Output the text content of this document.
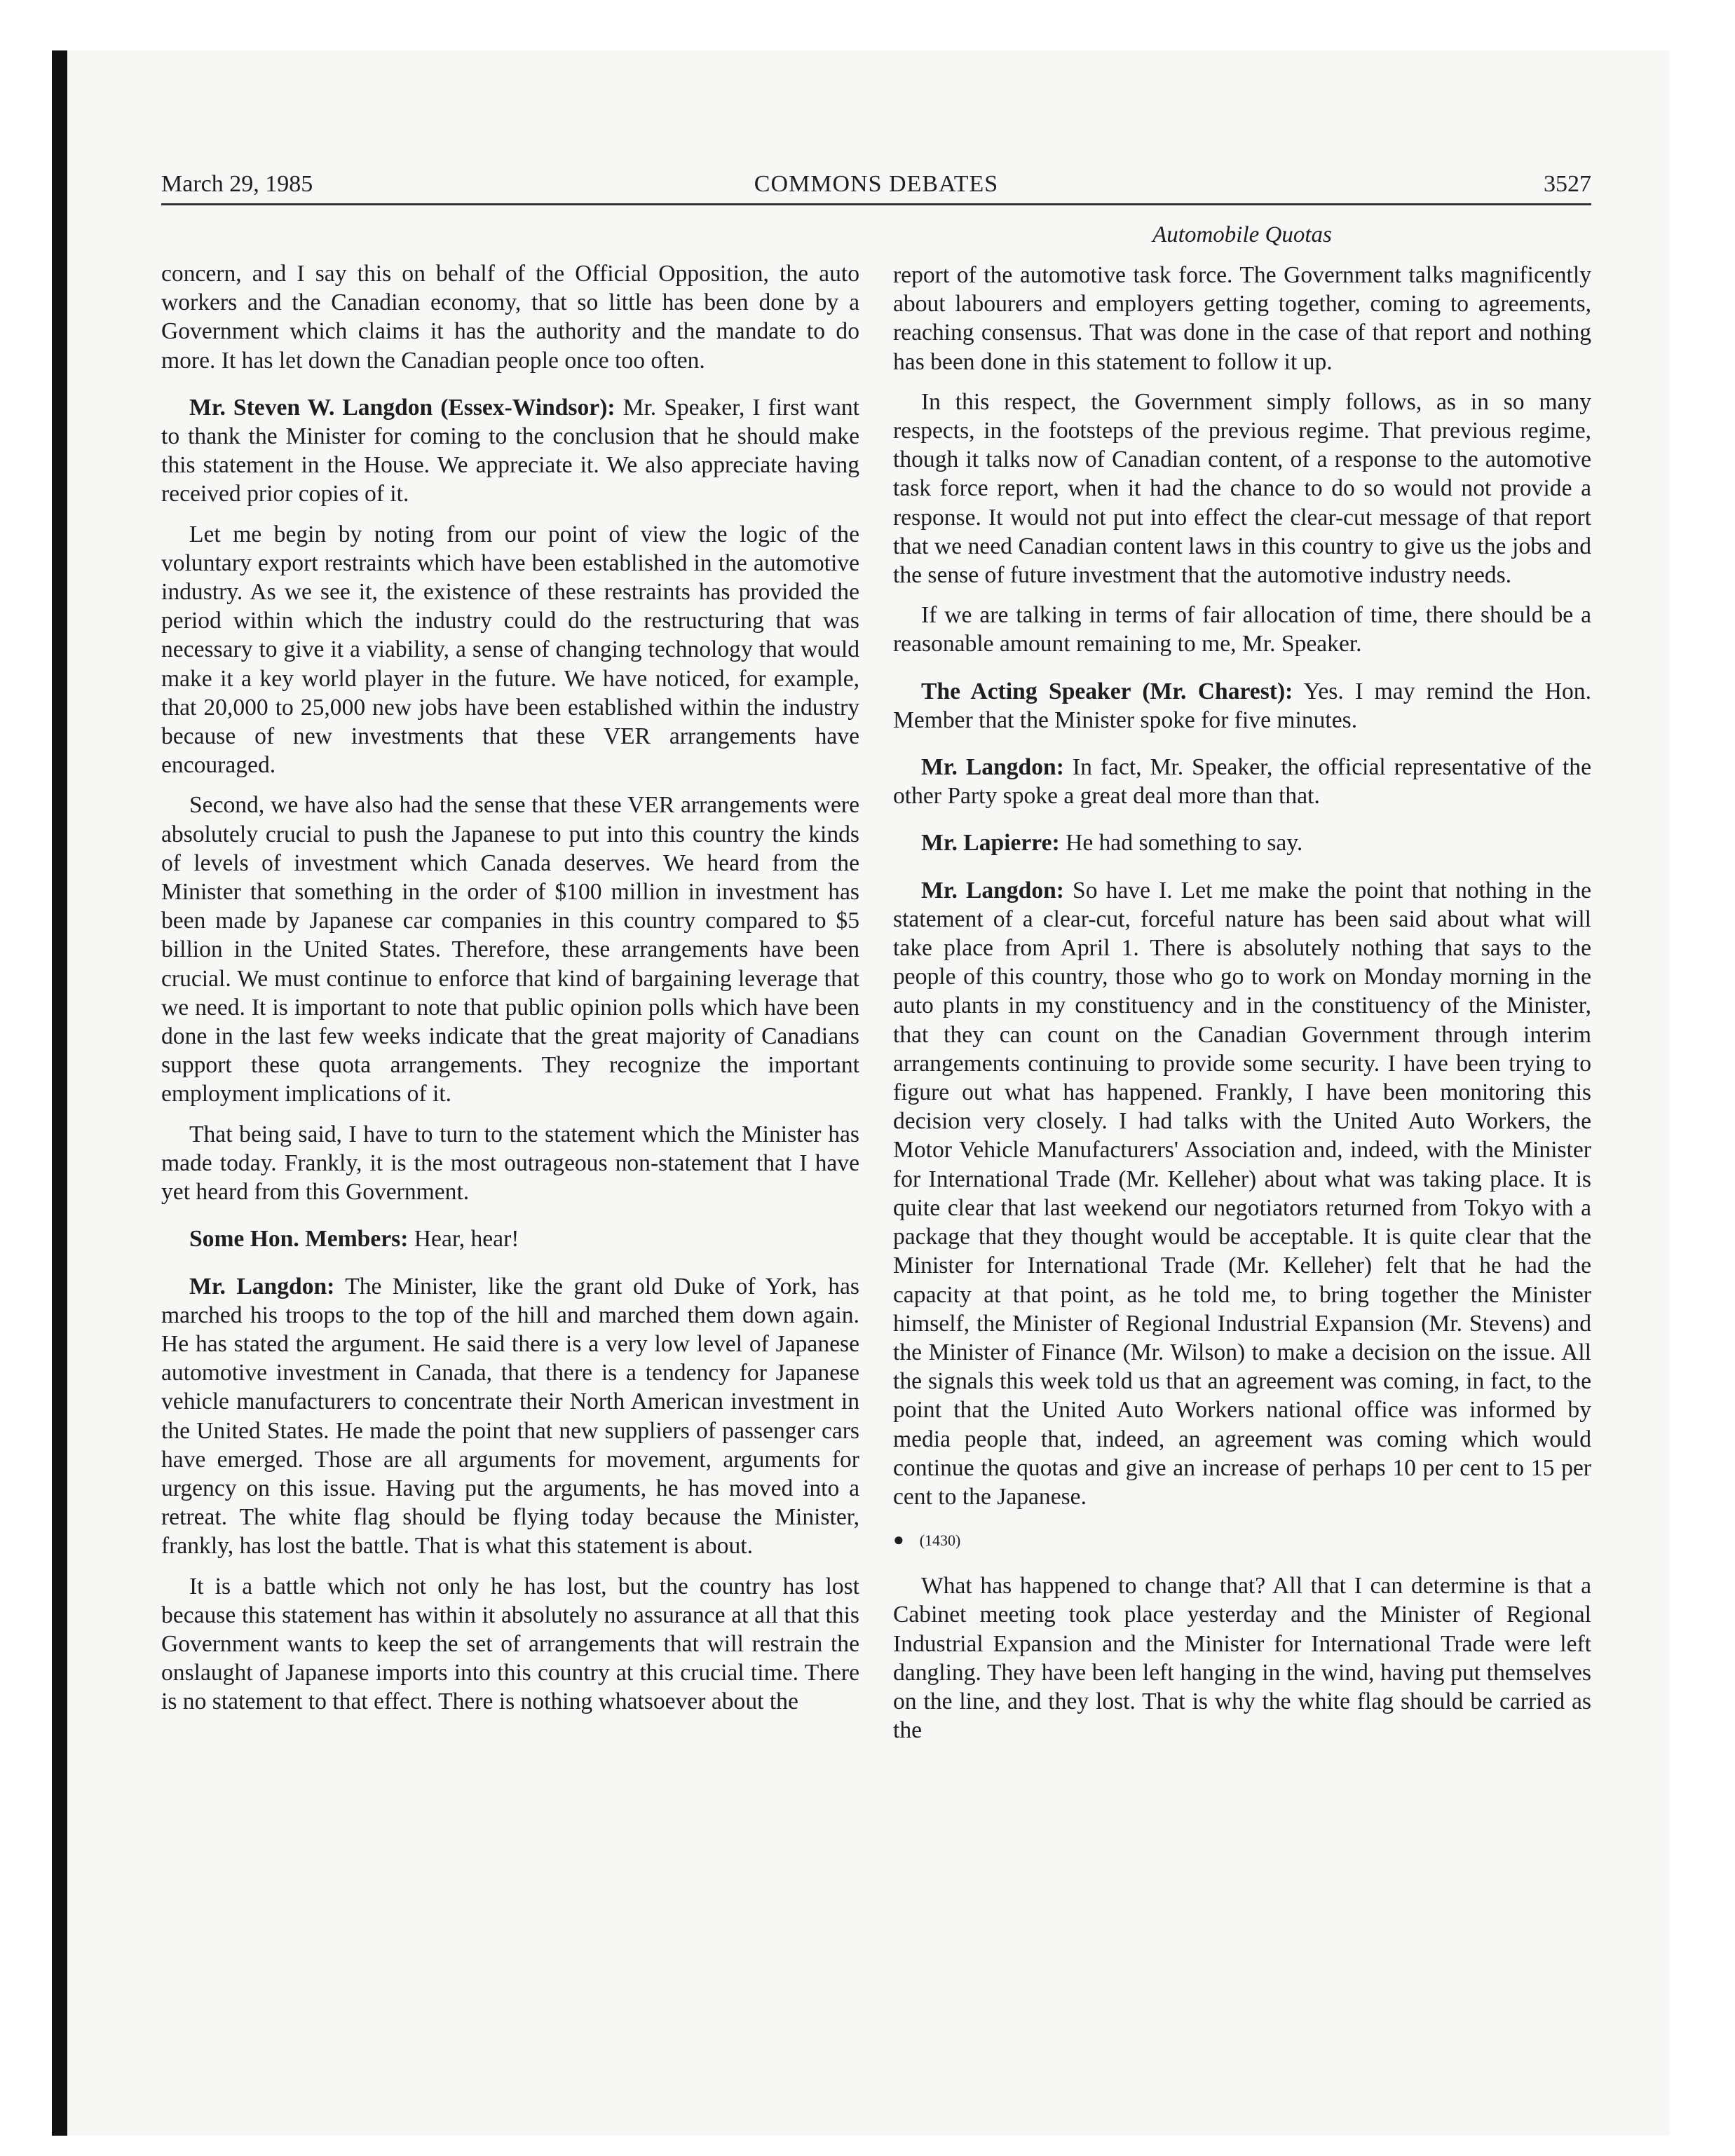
March 29, 1985	COMMONS DEBATES	3527
Automobile Quotas

concern, and I say this on behalf of the Official Opposition, the auto workers and the Canadian economy, that so little has been done by a Government which claims it has the authority and the mandate to do more. It has let down the Canadian people once too often.

Mr. Steven W. Langdon (Essex-Windsor): Mr. Speaker, I first want to thank the Minister for coming to the conclusion that he should make this statement in the House. We appreciate it. We also appreciate having received prior copies of it.

Let me begin by noting from our point of view the logic of the voluntary export restraints which have been established in the automotive industry. As we see it, the existence of these restraints has provided the period within which the industry could do the restructuring that was necessary to give it a viability, a sense of changing technology that would make it a key world player in the future. We have noticed, for example, that 20,000 to 25,000 new jobs have been established within the industry because of new investments that these VER arrangements have encouraged.

Second, we have also had the sense that these VER arrangements were absolutely crucial to push the Japanese to put into this country the kinds of levels of investment which Canada deserves. We heard from the Minister that something in the order of $100 million in investment has been made by Japanese car companies in this country compared to $5 billion in the United States. Therefore, these arrangements have been crucial. We must continue to enforce that kind of bargaining leverage that we need. It is important to note that public opinion polls which have been done in the last few weeks indicate that the great majority of Canadians support these quota arrangements. They recognize the important employment implications of it.

That being said, I have to turn to the statement which the Minister has made today. Frankly, it is the most outrageous non-statement that I have yet heard from this Government.

Some Hon. Members: Hear, hear!

Mr. Langdon: The Minister, like the grant old Duke of York, has marched his troops to the top of the hill and marched them down again. He has stated the argument. He said there is a very low level of Japanese automotive investment in Canada, that there is a tendency for Japanese vehicle manufacturers to concentrate their North American investment in the United States. He made the point that new suppliers of passenger cars have emerged. Those are all arguments for movement, arguments for urgency on this issue. Having put the arguments, he has moved into a retreat. The white flag should be flying today because the Minister, frankly, has lost the battle. That is what this statement is about.

It is a battle which not only he has lost, but the country has lost because this statement has within it absolutely no assurance at all that this Government wants to keep the set of arrangements that will restrain the onslaught of Japanese imports into this country at this crucial time. There is no statement to that effect. There is nothing whatsoever about the

report of the automotive task force. The Government talks magnificently about labourers and employers getting together, coming to agreements, reaching consensus. That was done in the case of that report and nothing has been done in this statement to follow it up.

In this respect, the Government simply follows, as in so many respects, in the footsteps of the previous regime. That previous regime, though it talks now of Canadian content, of a response to the automotive task force report, when it had the chance to do so would not provide a response. It would not put into effect the clear-cut message of that report that we need Canadian content laws in this country to give us the jobs and the sense of future investment that the automotive industry needs.

If we are talking in terms of fair allocation of time, there should be a reasonable amount remaining to me, Mr. Speaker.

The Acting Speaker (Mr. Charest): Yes. I may remind the Hon. Member that the Minister spoke for five minutes.

Mr. Langdon: In fact, Mr. Speaker, the official representative of the other Party spoke a great deal more than that.

Mr. Lapierre: He had something to say.

Mr. Langdon: So have I. Let me make the point that nothing in the statement of a clear-cut, forceful nature has been said about what will take place from April 1. There is absolutely nothing that says to the people of this country, those who go to work on Monday morning in the auto plants in my constituency and in the constituency of the Minister, that they can count on the Canadian Government through interim arrangements continuing to provide some security. I have been trying to figure out what has happened. Frankly, I have been monitoring this decision very closely. I had talks with the United Auto Workers, the Motor Vehicle Manufacturers' Association and, indeed, with the Minister for International Trade (Mr. Kelleher) about what was taking place. It is quite clear that last weekend our negotiators returned from Tokyo with a package that they thought would be acceptable. It is quite clear that the Minister for International Trade (Mr. Kelleher) felt that he had the capacity at that point, as he told me, to bring together the Minister himself, the Minister of Regional Industrial Expansion (Mr. Stevens) and the Minister of Finance (Mr. Wilson) to make a decision on the issue. All the signals this week told us that an agreement was coming, in fact, to the point that the United Auto Workers national office was informed by media people that, indeed, an agreement was coming which would continue the quotas and give an increase of perhaps 10 per cent to 15 per cent to the Japanese.

● (1430)

What has happened to change that? All that I can determine is that a Cabinet meeting took place yesterday and the Minister of Regional Industrial Expansion and the Minister for International Trade were left dangling. They have been left hanging in the wind, having put themselves on the line, and they lost. That is why the white flag should be carried as the
